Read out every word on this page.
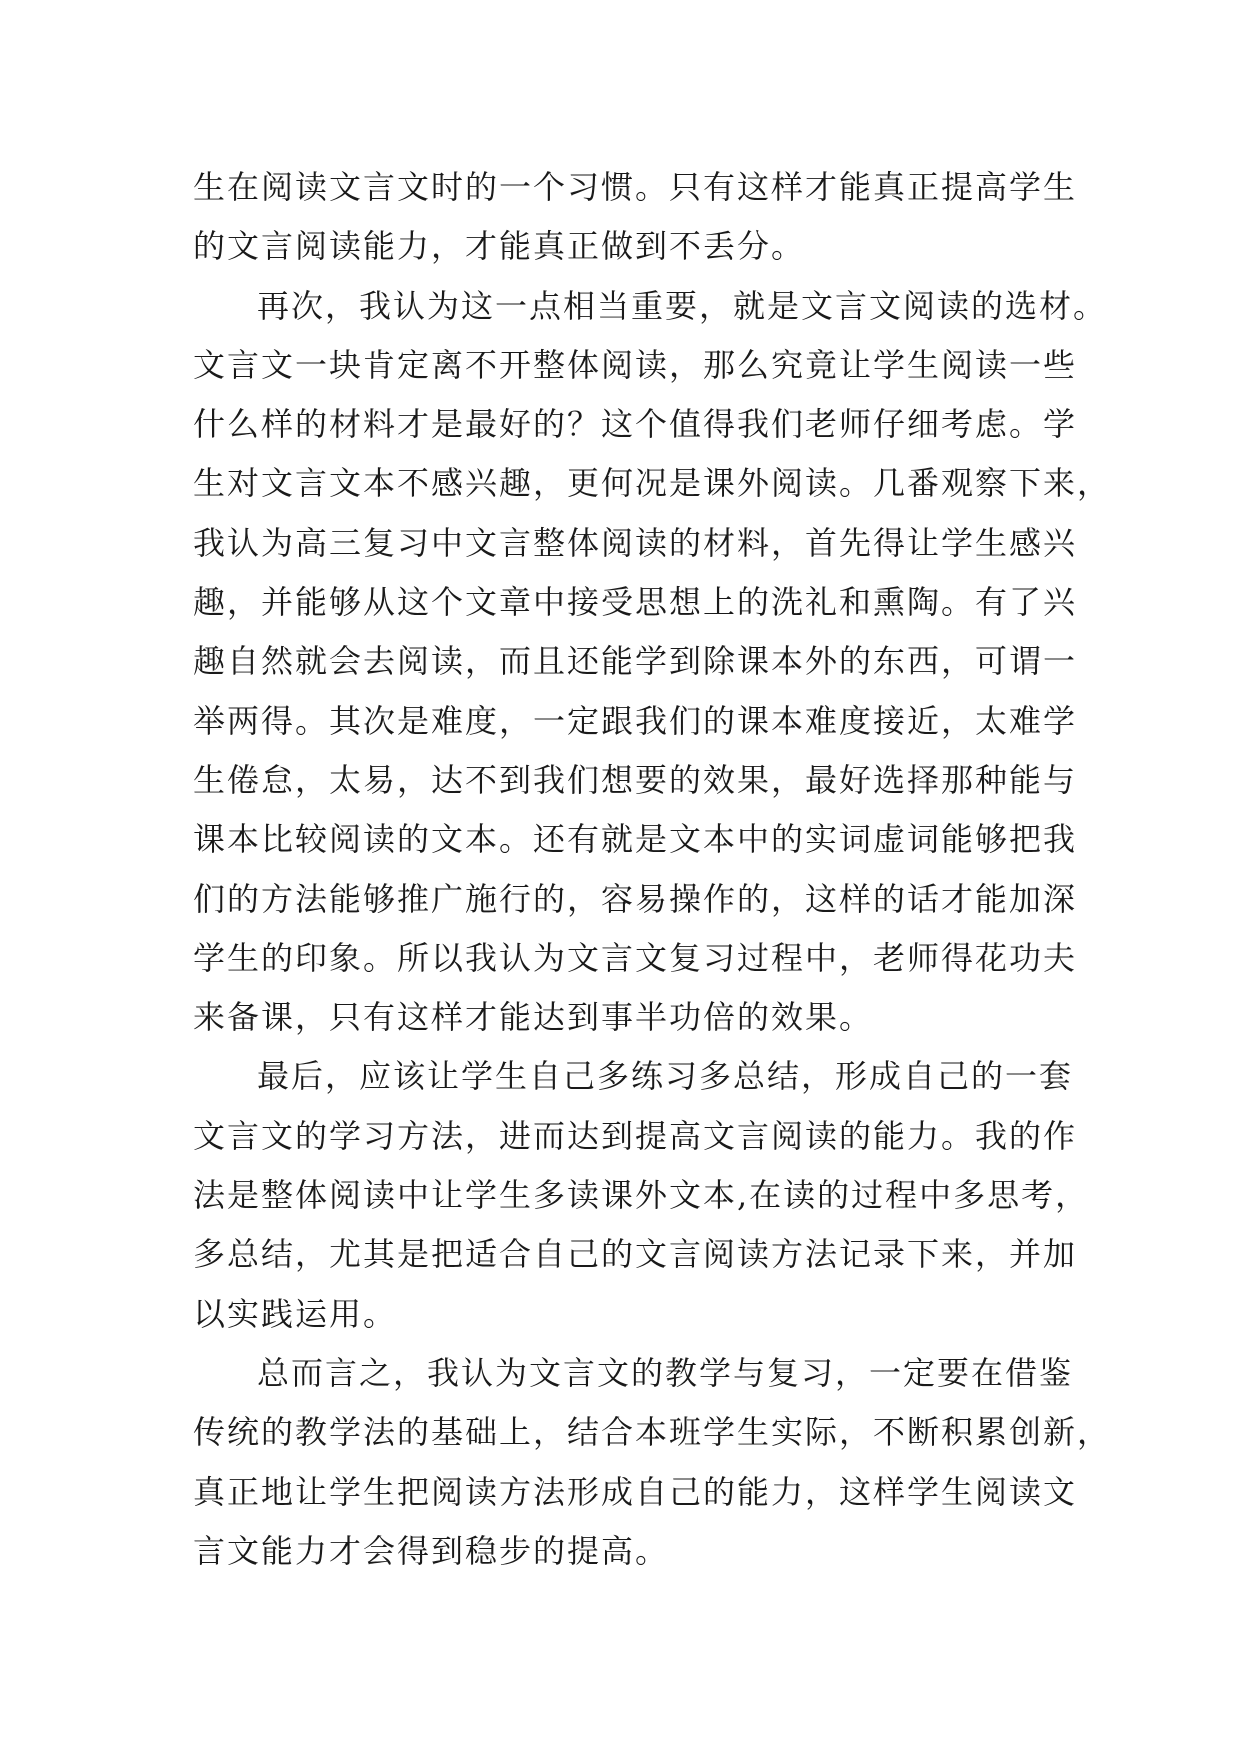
生在阅读文言文时的一个习惯。只有这样才能真正提高学生
的文言阅读能力，才能真正做到不丢分。
再次，我认为这一点相当重要，就是文言文阅读的选材。
文言文一块肯定离不开整体阅读，那么究竟让学生阅读一些
什么样的材料才是最好的？这个值得我们老师仔细考虑。学
生对文言文本不感兴趣，更何况是课外阅读。几番观察下来，
我认为高三复习中文言整体阅读的材料，首先得让学生感兴
趣，并能够从这个文章中接受思想上的洗礼和熏陶。有了兴
趣自然就会去阅读，而且还能学到除课本外的东西，可谓一
举两得。其次是难度，一定跟我们的课本难度接近，太难学
生倦怠，太易，达不到我们想要的效果，最好选择那种能与
课本比较阅读的文本。还有就是文本中的实词虚词能够把我
们的方法能够推广施行的，容易操作的，这样的话才能加深
学生的印象。所以我认为文言文复习过程中，老师得花功夫
来备课，只有这样才能达到事半功倍的效果。
最后，应该让学生自己多练习多总结，形成自己的一套
文言文的学习方法，进而达到提高文言阅读的能力。我的作
法是整体阅读中让学生多读课外文本,在读的过程中多思考，
多总结，尤其是把适合自己的文言阅读方法记录下来，并加
以实践运用。
总而言之，我认为文言文的教学与复习，一定要在借鉴
传统的教学法的基础上，结合本班学生实际，不断积累创新，
真正地让学生把阅读方法形成自己的能力，这样学生阅读文
言文能力才会得到稳步的提高。
